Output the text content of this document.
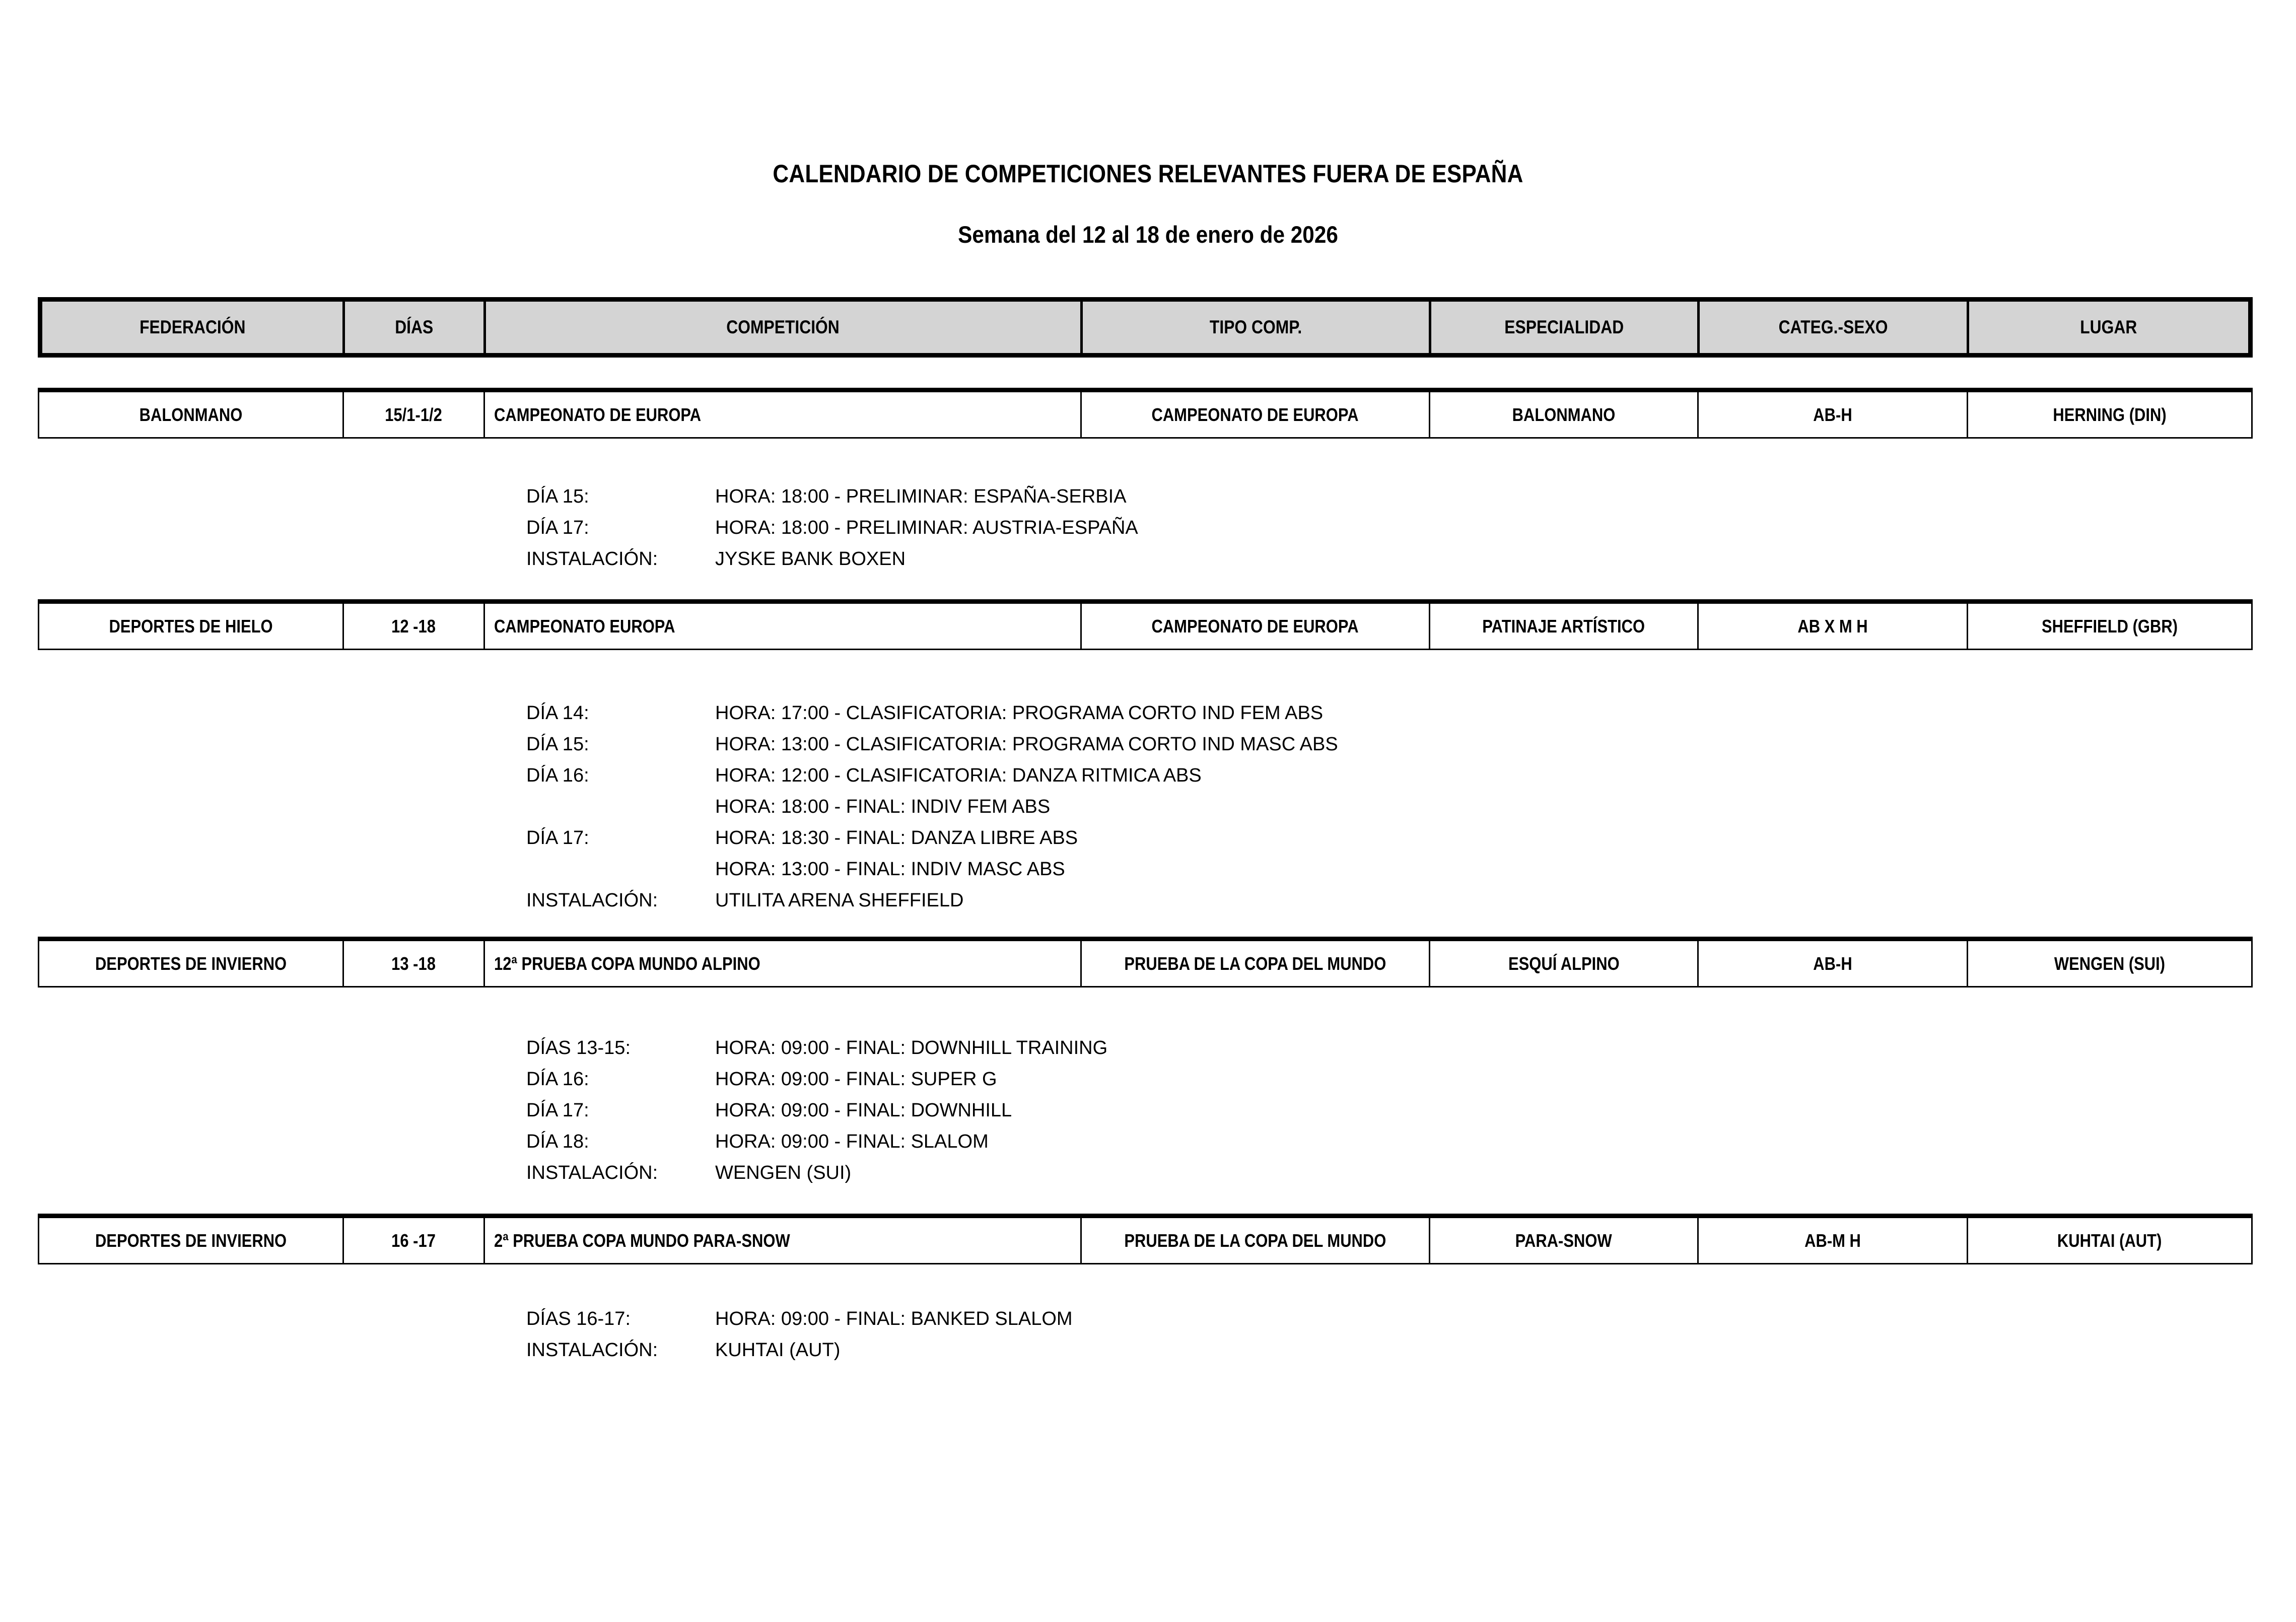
CALENDARIO DE COMPETICIONES RELEVANTES FUERA DE ESPAÑA
Semana del 12 al 18 de enero de 2026
FEDERACIÓN	DÍAS	COMPETICIÓN	TIPO COMP.	ESPECIALIDAD	CATEG.-SEXO	LUGAR
BALONMANO	15/1-1/2	CAMPEONATO DE EUROPA	CAMPEONATO DE EUROPA	BALONMANO	AB-H	HERNING (DIN)
DÍA 15:	HORA: 18:00 - PRELIMINAR: ESPAÑA-SERBIA
DÍA 17:	HORA: 18:00 - PRELIMINAR: AUSTRIA-ESPAÑA
INSTALACIÓN:	JYSKE BANK BOXEN
DEPORTES DE HIELO	12 -18	CAMPEONATO EUROPA	CAMPEONATO DE EUROPA	PATINAJE ARTÍSTICO	AB X M H	SHEFFIELD (GBR)
DÍA 14:	HORA: 17:00 - CLASIFICATORIA: PROGRAMA CORTO IND FEM ABS
DÍA 15:	HORA: 13:00 - CLASIFICATORIA: PROGRAMA CORTO IND MASC ABS
DÍA 16:	HORA: 12:00 - CLASIFICATORIA: DANZA RITMICA ABS
HORA: 18:00 - FINAL: INDIV FEM ABS
DÍA 17:	HORA: 18:30 - FINAL: DANZA LIBRE ABS
HORA: 13:00 - FINAL: INDIV MASC ABS
INSTALACIÓN:	UTILITA ARENA SHEFFIELD
DEPORTES DE INVIERNO	13 -18	12ª PRUEBA COPA MUNDO ALPINO	PRUEBA DE LA COPA DEL MUNDO	ESQUÍ ALPINO	AB-H	WENGEN (SUI)
DÍAS 13-15:	HORA: 09:00 - FINAL: DOWNHILL TRAINING
DÍA 16:	HORA: 09:00 - FINAL: SUPER G
DÍA 17:	HORA: 09:00 - FINAL: DOWNHILL
DÍA 18:	HORA: 09:00 - FINAL: SLALOM
INSTALACIÓN:	WENGEN (SUI)
DEPORTES DE INVIERNO	16 -17	2ª PRUEBA COPA MUNDO PARA-SNOW	PRUEBA DE LA COPA DEL MUNDO	PARA-SNOW	AB-M H	KUHTAI (AUT)
DÍAS 16-17:	HORA: 09:00 - FINAL: BANKED SLALOM
INSTALACIÓN:	KUHTAI (AUT)
